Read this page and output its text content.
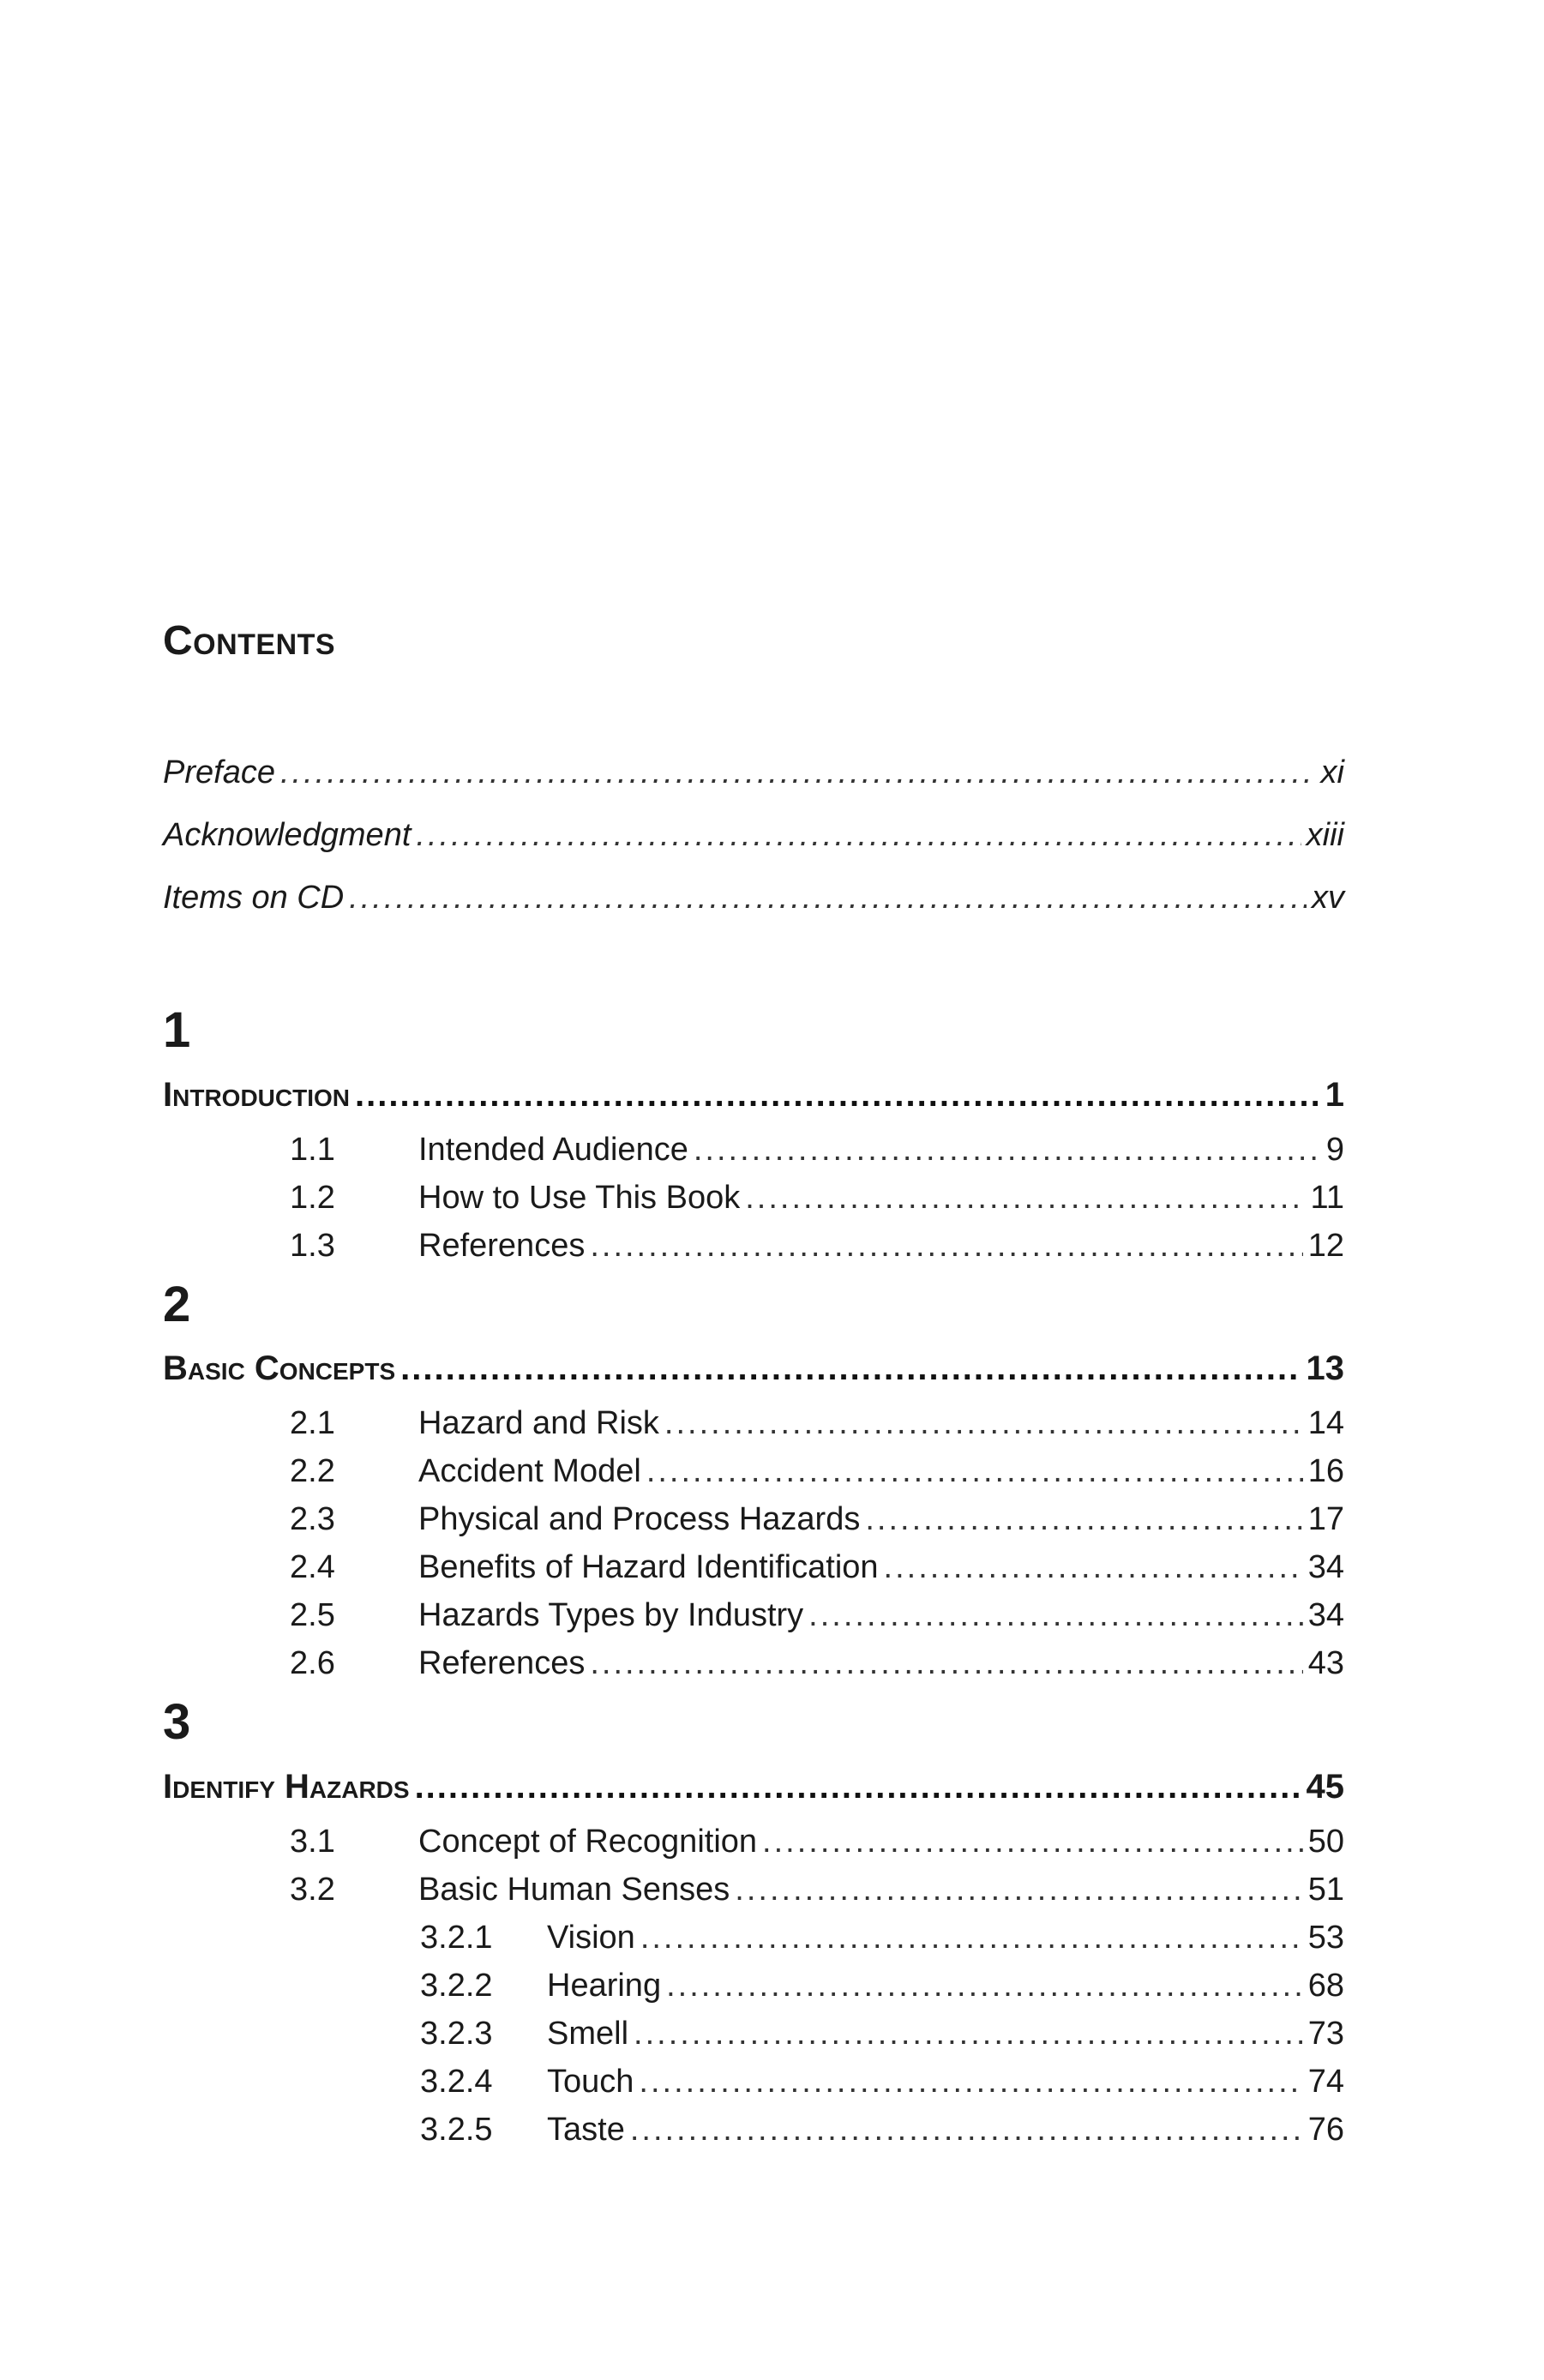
Contents
Preface .....	xi
Acknowledgment .....	xiii
Items on CD .....	xv
1
Introduction .....	1
1.1	Intended Audience .....	9
1.2	How to Use This Book .....	11
1.3	References .....	12
2
Basic Concepts .....	13
2.1	Hazard and Risk .....	14
2.2	Accident Model .....	16
2.3	Physical and Process Hazards .....	17
2.4	Benefits of Hazard Identification .....	34
2.5	Hazards Types by Industry .....	34
2.6	References .....	43
3
Identify Hazards .....	45
3.1	Concept of Recognition .....	50
3.2	Basic Human Senses .....	51
3.2.1	Vision .....	53
3.2.2	Hearing .....	68
3.2.3	Smell .....	73
3.2.4	Touch .....	74
3.2.5	Taste .....	76
